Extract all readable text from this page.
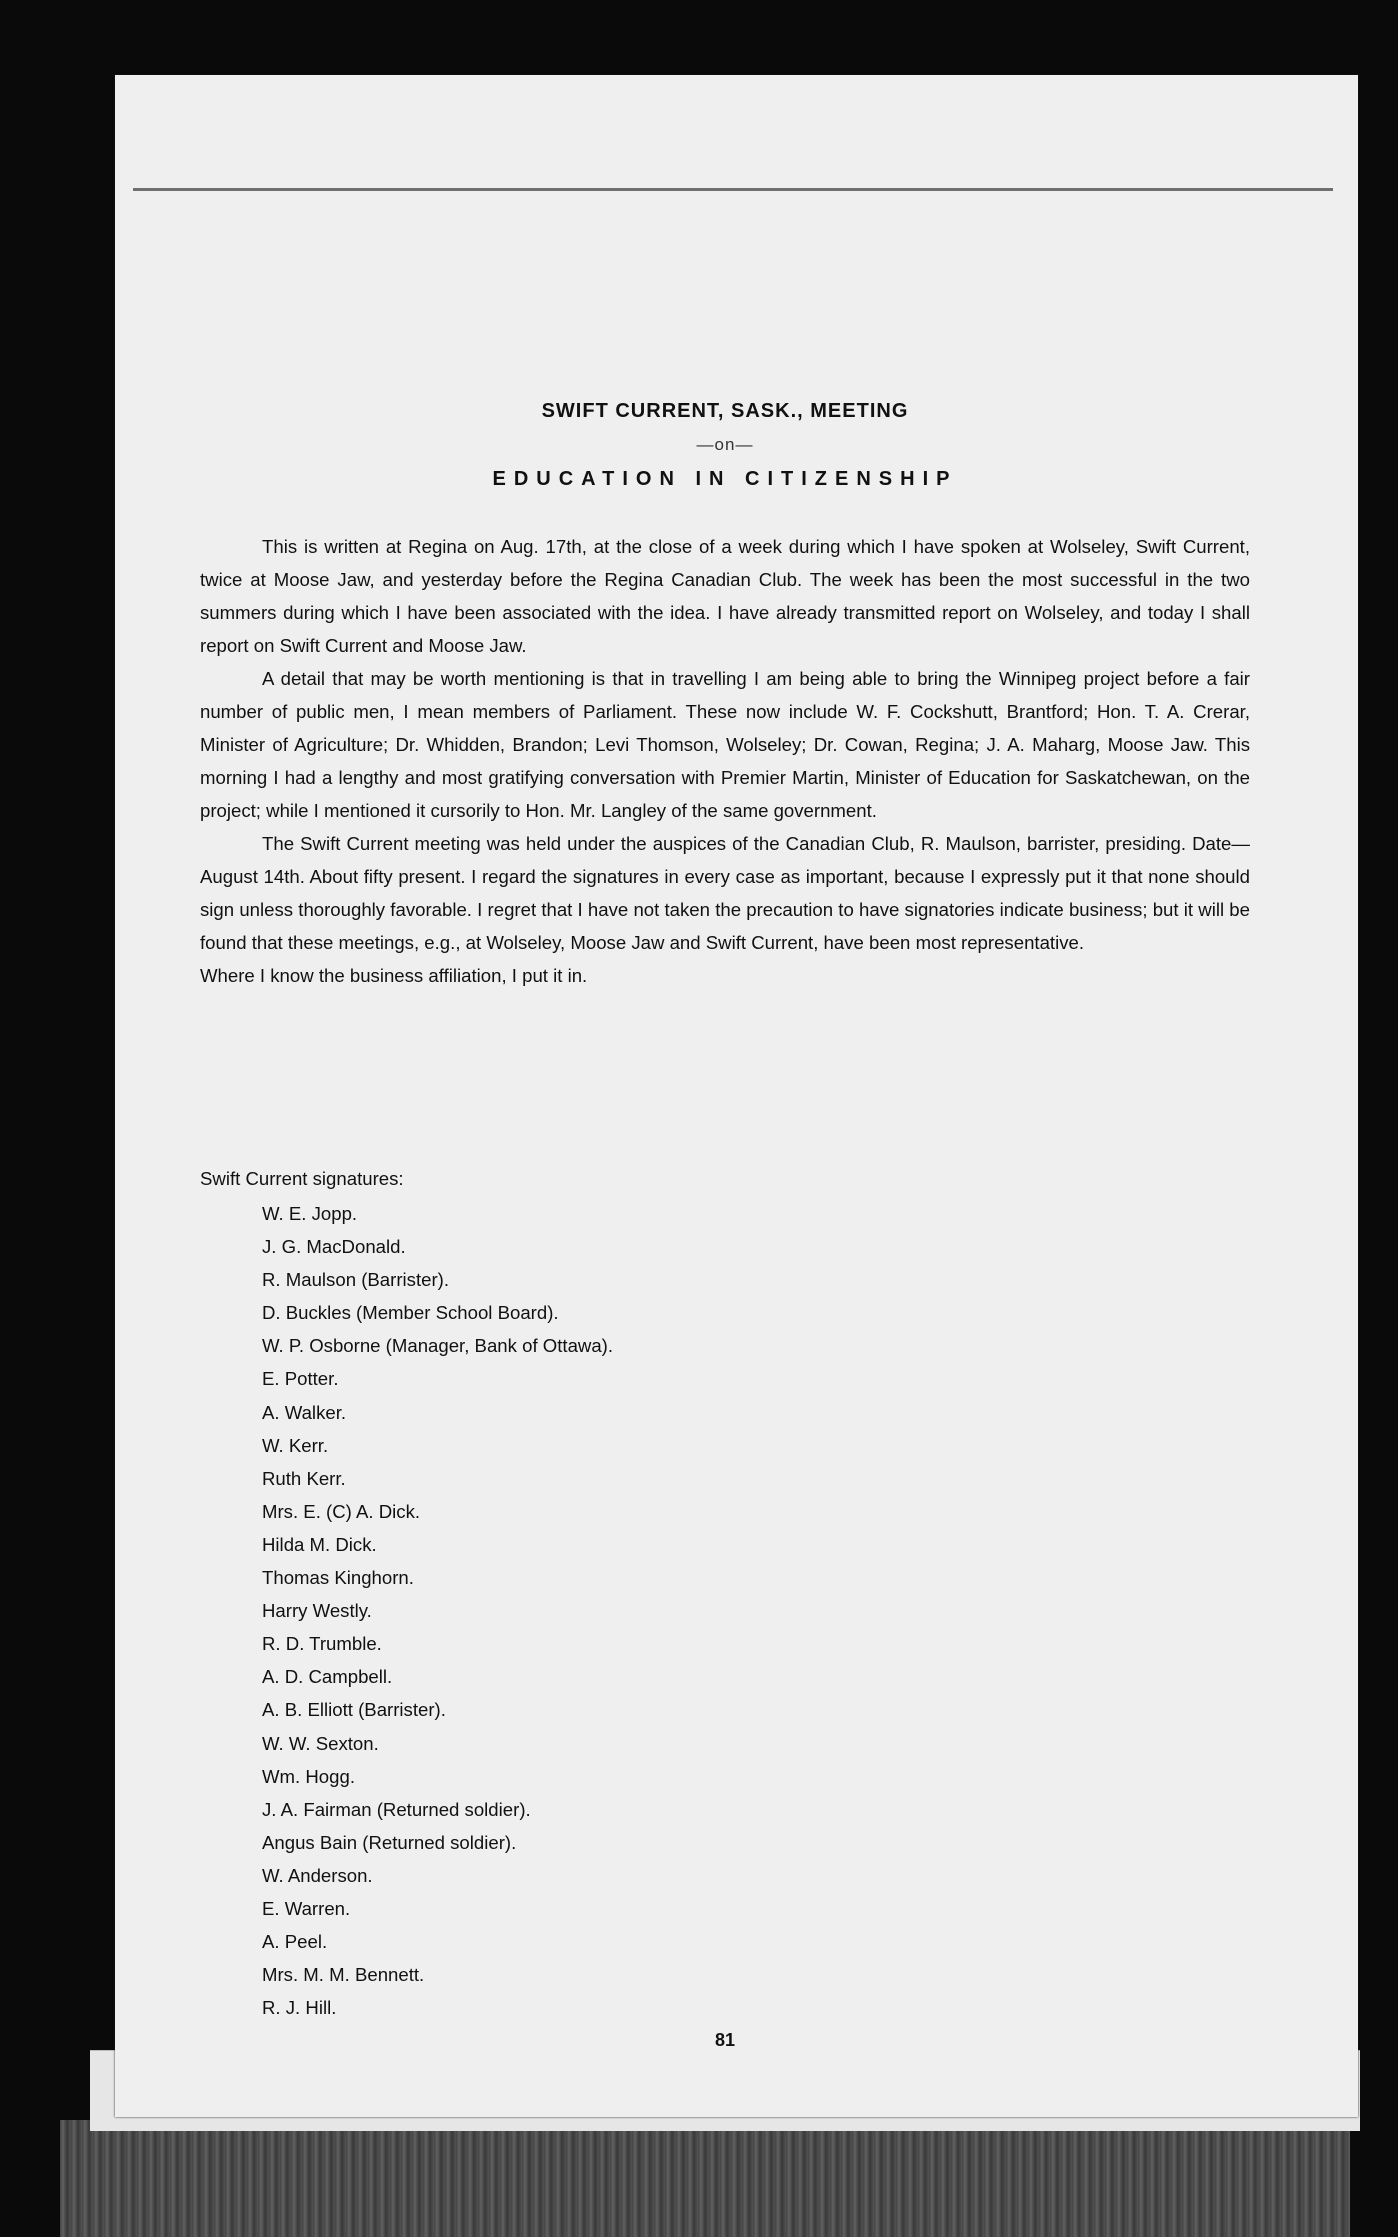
SWIFT CURRENT, SASK., MEETING
—on—
EDUCATION IN CITIZENSHIP

This is written at Regina on Aug. 17th, at the close of a week during which I have spoken at Wolseley, Swift Current, twice at Moose Jaw, and yesterday before the Regina Canadian Club. The week has been the most successful in the two summers during which I have been associated with the idea. I have already transmitted report on Wolseley, and today I shall report on Swift Current and Moose Jaw.

A detail that may be worth mentioning is that in travelling I am being able to bring the Winnipeg project before a fair number of public men, I mean members of Parliament. These now include W. F. Cockshutt, Brantford; Hon. T. A. Crerar, Minister of Agriculture; Dr. Whidden, Brandon; Levi Thomson, Wolseley; Dr. Cowan, Regina; J. A. Maharg, Moose Jaw. This morning I had a lengthy and most gratifying conversation with Premier Martin, Minister of Education for Saskatchewan, on the project; while I mentioned it cursorily to Hon. Mr. Langley of the same government.

The Swift Current meeting was held under the auspices of the Canadian Club, R. Maulson, barrister, presiding. Date—August 14th. About fifty present. I regard the signatures in every case as important, because I expressly put it that none should sign unless thoroughly favorable. I regret that I have not taken the precaution to have signatories indicate business; but it will be found that these meetings, e.g., at Wolseley, Moose Jaw and Swift Current, have been most representative.

Where I know the business affiliation, I put it in.

Swift Current signatures:
W. E. Jopp.
J. G. MacDonald.
R. Maulson (Barrister).
D. Buckles (Member School Board).
W. P. Osborne (Manager, Bank of Ottawa).
E. Potter.
A. Walker.
W. Kerr.
Ruth Kerr.
Mrs. E. (C) A. Dick.
Hilda M. Dick.
Thomas Kinghorn.
Harry Westly.
R. D. Trumble.
A. D. Campbell.
A. B. Elliott (Barrister).
W. W. Sexton.
Wm. Hogg.
J. A. Fairman (Returned soldier).
Angus Bain (Returned soldier).
W. Anderson.
E. Warren.
A. Peel.
Mrs. M. M. Bennett.
R. J. Hill.
81
